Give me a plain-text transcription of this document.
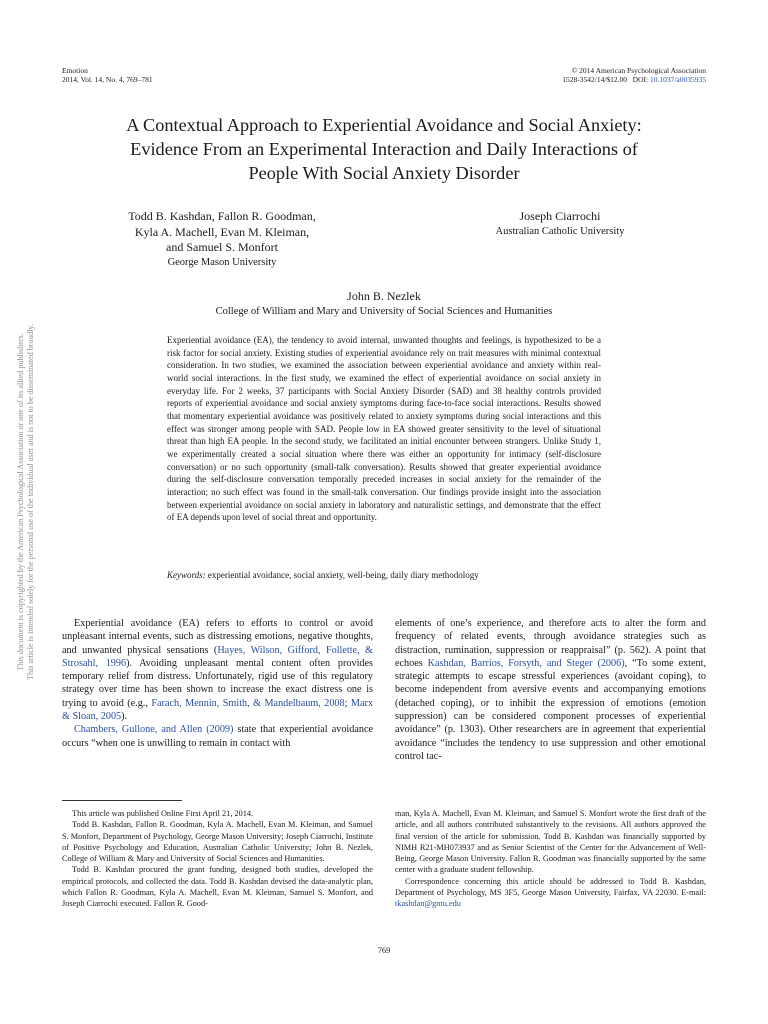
This document is copyrighted by the American Psychological Association or one of its allied publishers. This article is intended solely for the personal use of the individual user and is not to be disseminated broadly.
Emotion
2014, Vol. 14, No. 4, 769–781
© 2014 American Psychological Association
1528-3542/14/$12.00 DOI: 10.1037/a0035935
A Contextual Approach to Experiential Avoidance and Social Anxiety:
Evidence From an Experimental Interaction and Daily Interactions of
People With Social Anxiety Disorder
Todd B. Kashdan, Fallon R. Goodman,
Kyla A. Machell, Evan M. Kleiman,
and Samuel S. Monfort
George Mason University
Joseph Ciarrochi
Australian Catholic University
John B. Nezlek
College of William and Mary and University of Social Sciences and Humanities

Experiential avoidance (EA), the tendency to avoid internal, unwanted thoughts and feelings, is hypothesized to be a risk factor for social anxiety. Existing studies of experiential avoidance rely on trait measures with minimal contextual consideration. In two studies, we examined the association between experiential avoidance and anxiety within real-world social interactions. In the first study, we examined the effect of experiential avoidance on social anxiety in everyday life. For 2 weeks, 37 participants with Social Anxiety Disorder (SAD) and 38 healthy controls provided reports of experiential avoidance and social anxiety symptoms during face-to-face social interactions. Results showed that momentary experiential avoidance was positively related to anxiety symptoms during social interactions and this effect was stronger among people with SAD. People low in EA showed greater sensitivity to the level of situational threat than high EA people. In the second study, we facilitated an initial encounter between strangers. Unlike Study 1, we experimentally created a social situation where there was either an opportunity for intimacy (self-disclosure conversation) or no such opportunity (small-talk conversation). Results showed that greater experiential avoidance during the self-disclosure conversation temporally preceded increases in social anxiety for the remainder of the interaction; no such effect was found in the small-talk conversation. Our findings provide insight into the association between experiential avoidance on social anxiety in laboratory and naturalistic settings, and demonstrate that the effect of EA depends upon level of social threat and opportunity.

Keywords: experiential avoidance, social anxiety, well-being, daily diary methodology

Experiential avoidance (EA) refers to efforts to control or avoid unpleasant internal events, such as distressing emotions, negative thoughts, and unwanted physical sensations (Hayes, Wilson, Gifford, Follette, & Strosahl, 1996). Avoiding unpleasant mental content often provides temporary relief from distress. Unfortunately, rigid use of this regulatory strategy over time has been shown to increase the exact distress one is trying to avoid (e.g., Farach, Mennin, Smith, & Mandelbaum, 2008; Marx & Sloan, 2005).

Chambers, Gullone, and Allen (2009) state that experiential avoidance occurs “when one is unwilling to remain in contact with

elements of one’s experience, and therefore acts to alter the form and frequency of related events, through avoidance strategies such as distraction, rumination, suppression or reappraisal” (p. 562). A point that echoes Kashdan, Barrios, Forsyth, and Steger (2006), “To some extent, strategic attempts to escape stressful experiences (avoidant coping), to become independent from aversive events and accompanying emotions (detached coping), or to inhibit the expression of emotions (emotion suppression) can be considered component processes of experiential avoidance” (p. 1303). Other researchers are in agreement that experiential avoidance “includes the tendency to use suppression and other emotional control tac-

This article was published Online First April 21, 2014.

Todd B. Kashdan, Fallon R. Goodman, Kyla A. Machell, Evan M. Kleiman, and Samuel S. Monfort, Department of Psychology, George Mason University; Joseph Ciarrochi, Institute of Positive Psychology and Education, Australian Catholic University; John B. Nezlek, College of William & Mary and University of Social Sciences and Humanities.

Todd B. Kashdan procured the grant funding, designed both studies, developed the empirical protocols, and collected the data. Todd B. Kashdan devised the data-analytic plan, which Fallon R. Goodman, Kyla A. Machell, Evan M. Kleiman, Samuel S. Monfort, and Joseph Ciarrochi executed. Fallon R. Good-

man, Kyla A. Machell, Evan M. Kleiman, and Samuel S. Monfort wrote the first draft of the article, and all authors contributed substantively to the revisions. All authors approved the final version of the article for submission. Todd B. Kashdan was financially supported by NIMH R21-MH073937 and as Senior Scientist of the Center for the Advancement of Well-Being, George Mason University. Fallon R. Goodman was financially supported by the same center with a graduate student fellowship.

Correspondence concerning this article should be addressed to Todd B. Kashdan, Department of Psychology, MS 3F5, George Mason University, Fairfax, VA 22030. E-mail: tkashdan@gmu.edu

769
